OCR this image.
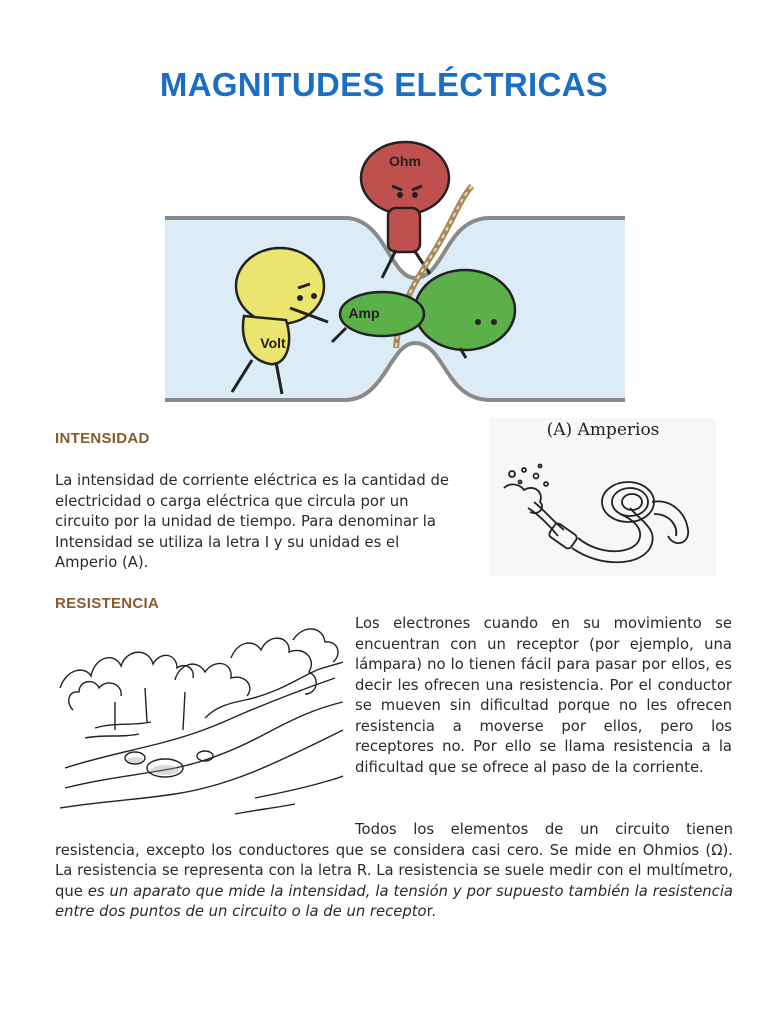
MAGNITUDES ELÉCTRICAS
Ohm
Amp
Volt
INTENSIDAD

La intensidad de corriente eléctrica es la cantidad de electricidad o carga eléctrica que circula por un circuito por la unidad de tiempo. Para denominar la Intensidad se utiliza la letra I y su unidad es el Amperio (A).

(A) Amperios
RESISTENCIA

Los electrones cuando en su movimiento se encuentran con un receptor (por ejemplo, una lámpara) no lo tienen fácil para pasar por ellos, es decir les ofrecen una resistencia. Por el conductor se mueven sin dificultad porque no les ofrecen resistencia a moverse por ellos, pero los receptores no. Por ello se llama resistencia a la dificultad que se ofrece al paso de la corriente.

Todos los elementos de un circuito tienen resistencia, excepto los conductores que se considera casi cero. Se mide en Ohmios (Ω). La resistencia se representa con la letra R. La resistencia se suele medir con el multímetro, que es un aparato que mide la intensidad, la tensión y por supuesto también la resistencia entre dos puntos de un circuito o la de un receptor.
